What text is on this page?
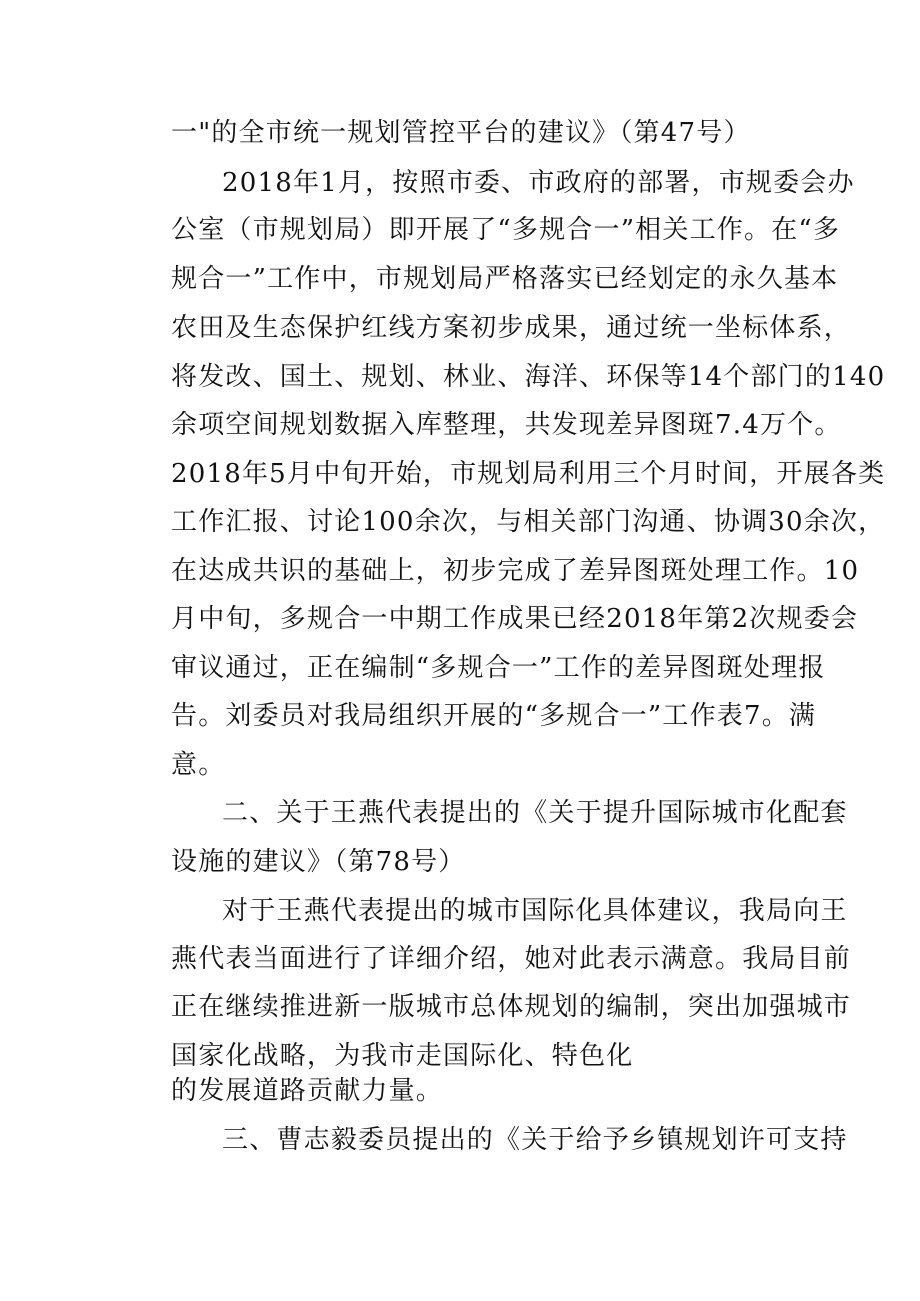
一"的全市统一规划管控平台的建议》（第47号）
2018年1月，按照市委、市政府的部署，市规委会办
公室（市规划局）即开展了“多规合一”相关工作。在“多
规合一”工作中，市规划局严格落实已经划定的永久基本
农田及生态保护红线方案初步成果，通过统一坐标体系，
将发改、国土、规划、林业、海洋、环保等14个部门的140
余项空间规划数据入库整理，共发现差异图斑7.4万个。
2018年5月中旬开始，市规划局利用三个月时间，开展各类
工作汇报、讨论100余次，与相关部门沟通、协调30余次，
在达成共识的基础上，初步完成了差异图斑处理工作。10
月中旬，多规合一中期工作成果已经2018年第2次规委会
审议通过，正在编制“多规合一”工作的差异图斑处理报
告。刘委员对我局组织开展的“多规合一”工作表7。满
意。
二、关于王燕代表提出的《关于提升国际城市化配套
设施的建议》（第78号）
对于王燕代表提出的城市国际化具体建议，我局向王
燕代表当面进行了详细介绍，她对此表示满意。我局目前
正在继续推进新一版城市总体规划的编制，突出加强城市
国家化战略，为我市走国际化、特色化
的发展道路贡献力量。
三、曹志毅委员提出的《关于给予乡镇规划许可支持
